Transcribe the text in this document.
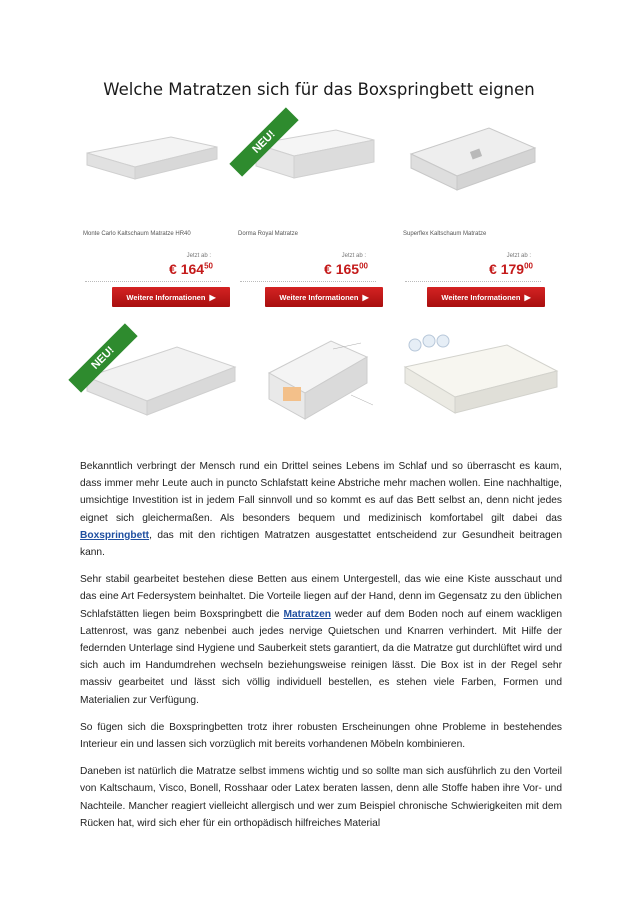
Welche Matratzen sich für das Boxspringbett eignen
Monte Carlo Kaltschaum Matratze HR40
Jetzt ab :
€ $164^{50}$
Weitere Informationen ▶
NEU!
Dorma Royal Matratze
Jetzt ab :
€ $165^{00}$
Weitere Informationen ▶
Superflex Kaltschaum Matratze
Jetzt ab :
€ $179^{00}$
Weitere Informationen ▶
NEU!

Bekanntlich verbringt der Mensch rund ein Drittel seines Lebens im Schlaf und so überrascht es kaum, dass immer mehr Leute auch in puncto Schlafstatt keine Abstriche mehr machen wollen. Eine nachhaltige, umsichtige Investition ist in jedem Fall sinnvoll und so kommt es auf das Bett selbst an, denn nicht jedes eignet sich gleichermaßen. Als besonders bequem und medizinisch komfortabel gilt dabei das Boxspringbett, das mit den richtigen Matratzen ausgestattet entscheidend zur Gesundheit beitragen kann.

Sehr stabil gearbeitet bestehen diese Betten aus einem Untergestell, das wie eine Kiste ausschaut und das eine Art Federsystem beinhaltet. Die Vorteile liegen auf der Hand, denn im Gegensatz zu den üblichen Schlafstätten liegen beim Boxspringbett die Matratzen weder auf dem Boden noch auf einem wackligen Lattenrost, was ganz nebenbei auch jedes nervige Quietschen und Knarren verhindert. Mit Hilfe der federnden Unterlage sind Hygiene und Sauberkeit stets garantiert, da die Matratze gut durchlüftet wird und sich auch im Handumdrehen wechseln beziehungsweise reinigen lässt. Die Box ist in der Regel sehr massiv gearbeitet und lässt sich völlig individuell bestellen, es stehen viele Farben, Formen und Materialien zur Verfügung.

So fügen sich die Boxspringbetten trotz ihrer robusten Erscheinungen ohne Probleme in bestehendes Interieur ein und lassen sich vorzüglich mit bereits vorhandenen Möbeln kombinieren.

Daneben ist natürlich die Matratze selbst immens wichtig und so sollte man sich ausführlich zu den Vorteil von Kaltschaum, Visco, Bonell, Rosshaar oder Latex beraten lassen, denn alle Stoffe haben ihre Vor- und Nachteile. Mancher reagiert vielleicht allergisch und wer zum Beispiel chronische Schwierigkeiten mit dem Rücken hat, wird sich eher für ein orthopädisch hilfreiches Material
